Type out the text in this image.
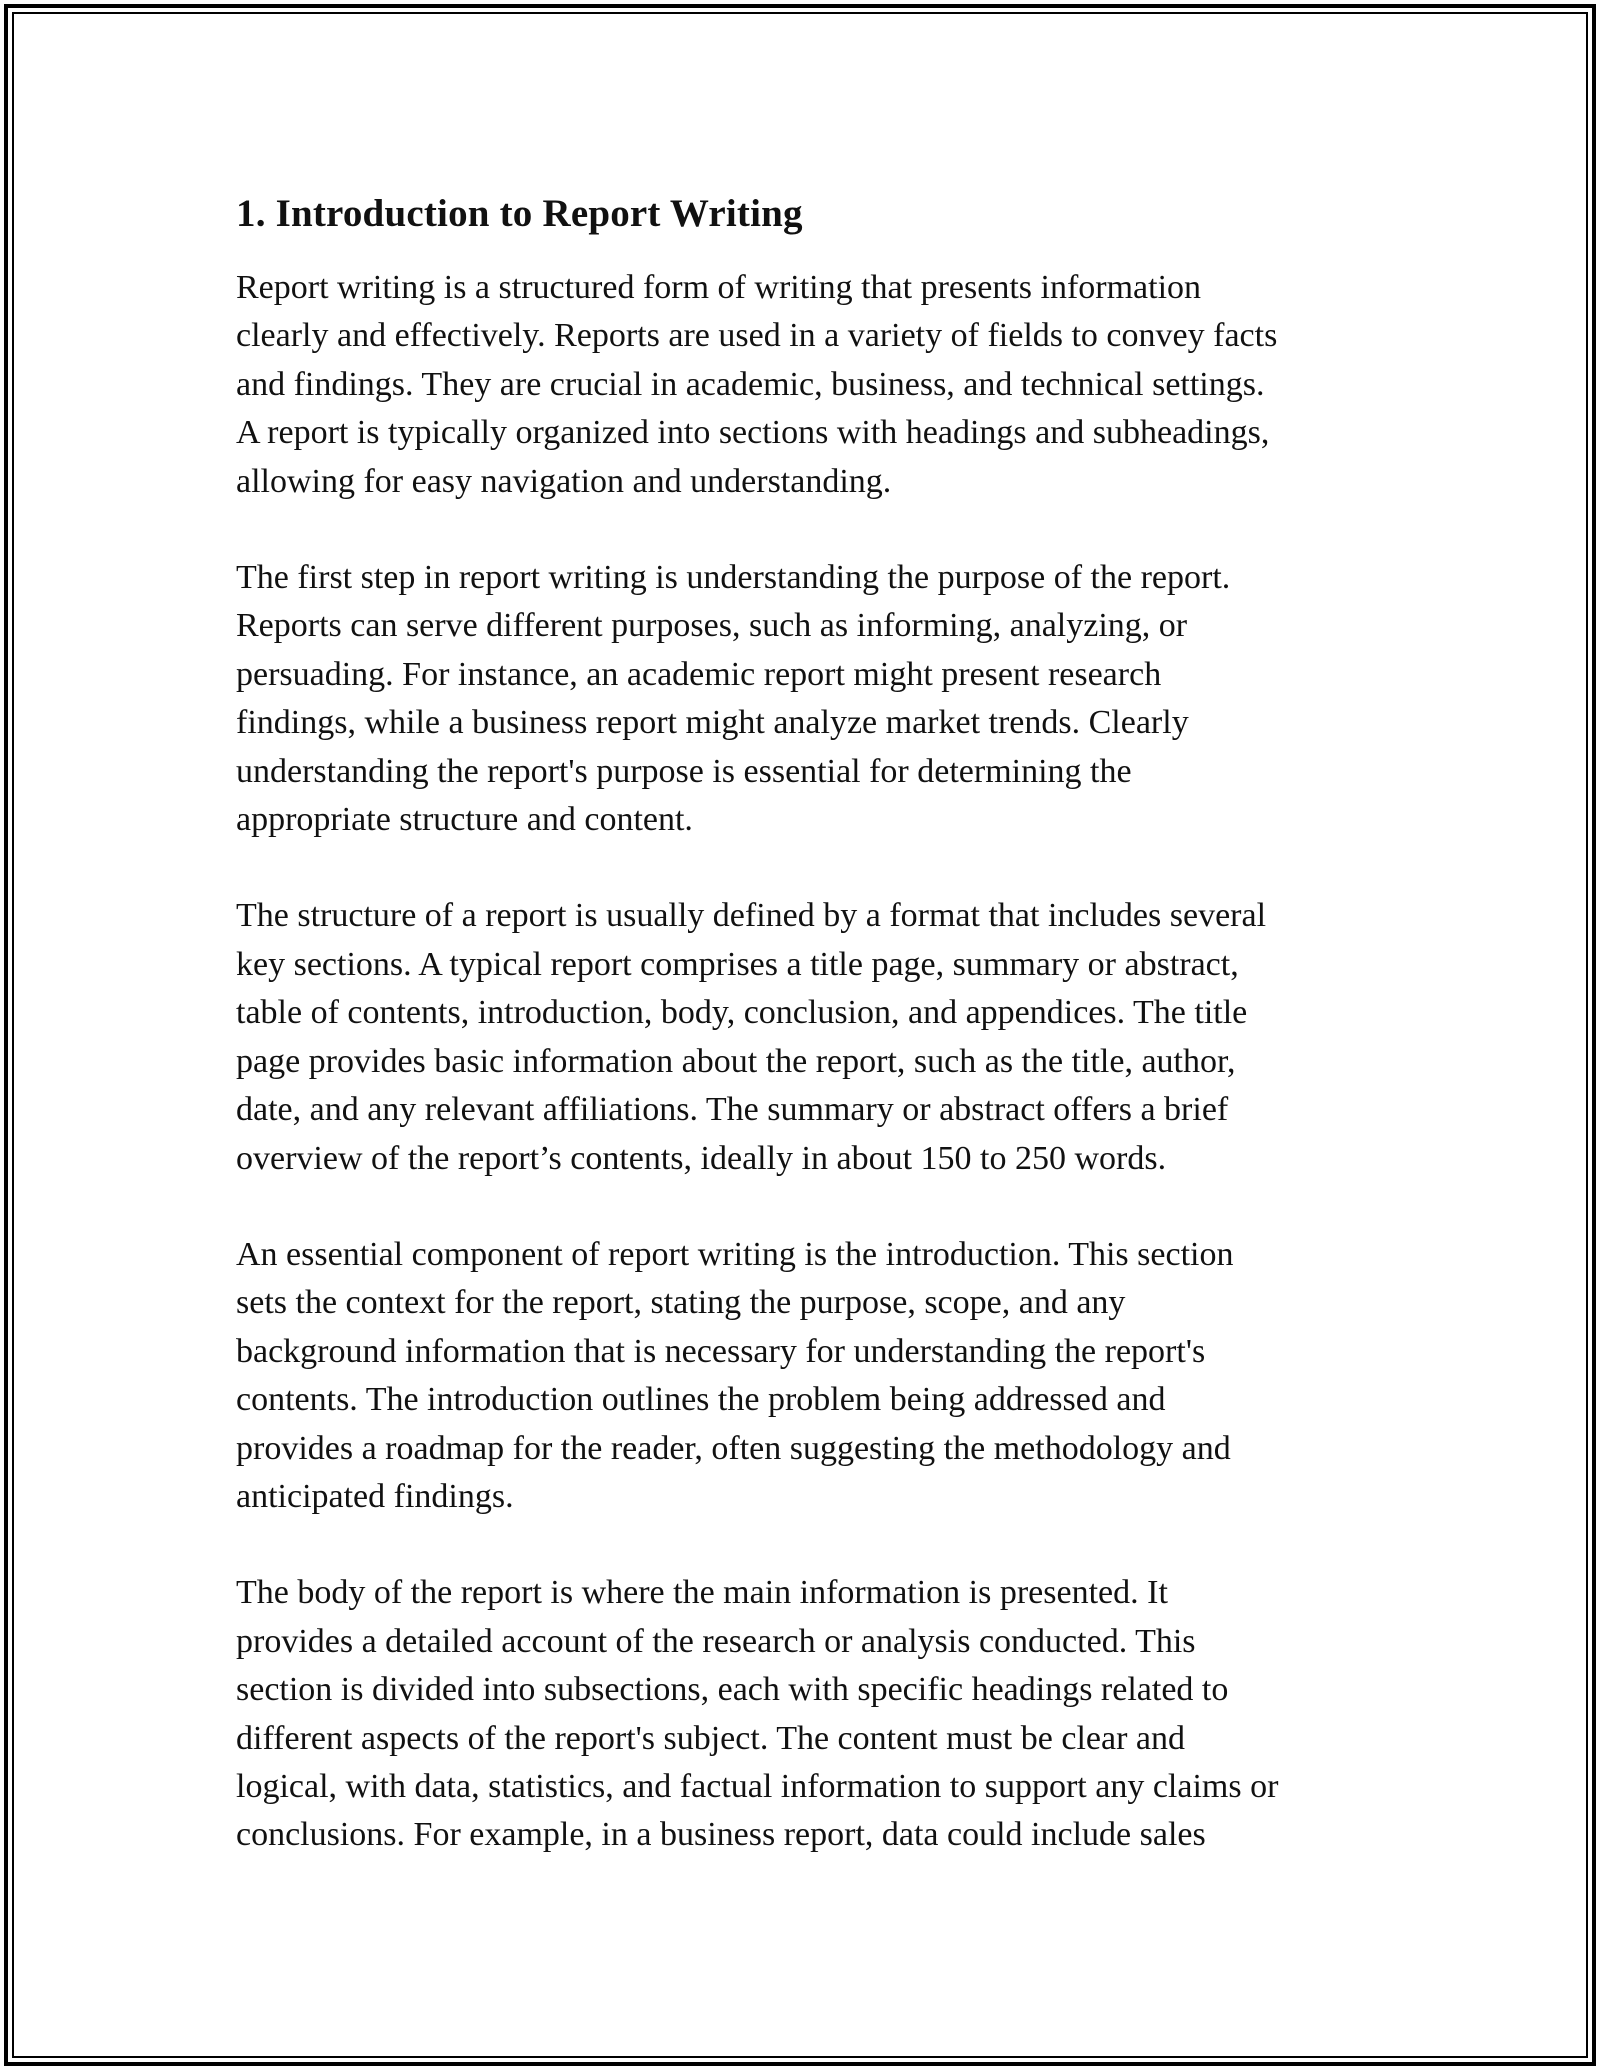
1. Introduction to Report Writing

Report writing is a structured form of writing that presents information
clearly and effectively. Reports are used in a variety of fields to convey facts
and findings. They are crucial in academic, business, and technical settings.
A report is typically organized into sections with headings and subheadings,
allowing for easy navigation and understanding.

The first step in report writing is understanding the purpose of the report.
Reports can serve different purposes, such as informing, analyzing, or
persuading. For instance, an academic report might present research
findings, while a business report might analyze market trends. Clearly
understanding the report's purpose is essential for determining the
appropriate structure and content.

The structure of a report is usually defined by a format that includes several
key sections. A typical report comprises a title page, summary or abstract,
table of contents, introduction, body, conclusion, and appendices. The title
page provides basic information about the report, such as the title, author,
date, and any relevant affiliations. The summary or abstract offers a brief
overview of the report’s contents, ideally in about 150 to 250 words.

An essential component of report writing is the introduction. This section
sets the context for the report, stating the purpose, scope, and any
background information that is necessary for understanding the report's
contents. The introduction outlines the problem being addressed and
provides a roadmap for the reader, often suggesting the methodology and
anticipated findings.

The body of the report is where the main information is presented. It
provides a detailed account of the research or analysis conducted. This
section is divided into subsections, each with specific headings related to
different aspects of the report's subject. The content must be clear and
logical, with data, statistics, and factual information to support any claims or
conclusions. For example, in a business report, data could include sales
